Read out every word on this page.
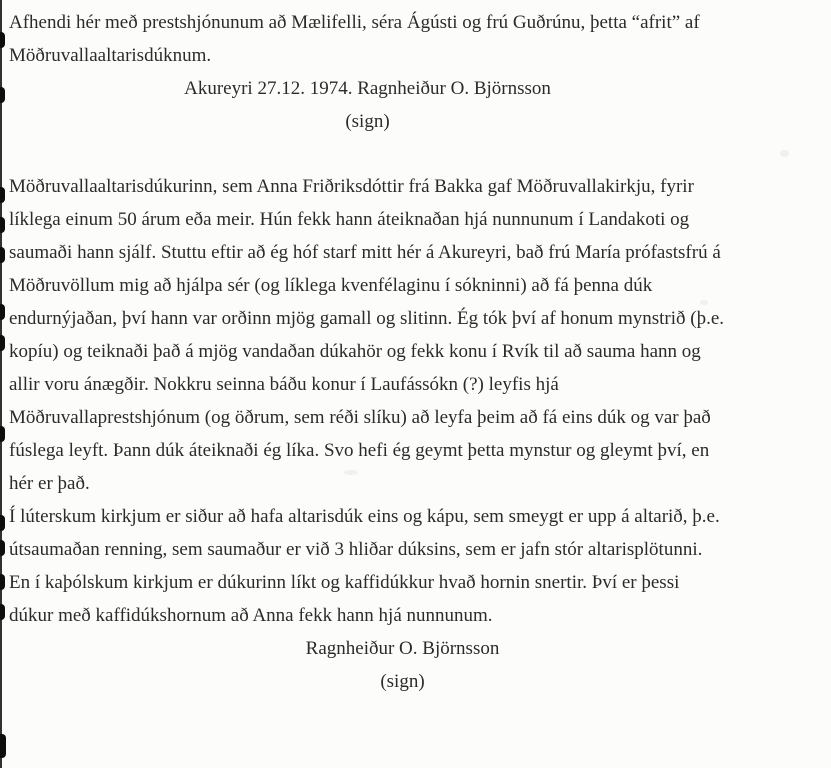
Afhendi hér með prestshjónunum að Mælifelli, séra Ágústi og frú Guðrúnu, þetta “afrit” af
Möðruvallaaltarisdúknum.
Akureyri 27.12. 1974. Ragnheiður O. Björnsson
(sign)
Möðruvallaaltarisdúkurinn, sem Anna Friðriksdóttir frá Bakka gaf Möðruvallakirkju, fyrir
líklega einum 50 árum eða meir. Hún fekk hann áteiknaðan hjá nunnunum í Landakoti og
saumaði hann sjálf. Stuttu eftir að ég hóf starf mitt hér á Akureyri, bað frú María prófastsfrú á
Möðruvöllum mig að hjálpa sér (og líklega kvenfélaginu í sókninni) að fá þenna dúk
endurnýjaðan, því hann var orðinn mjög gamall og slitinn. Ég tók því af honum mynstrið (þ.e.
kopíu) og teiknaði það á mjög vandaðan dúkahör og fekk konu í Rvík til að sauma hann og
allir voru ánægðir. Nokkru seinna báðu konur í Laufássókn (?) leyfis hjá
Möðruvallaprestshjónum (og öðrum, sem réði slíku) að leyfa þeim að fá eins dúk og var það
fúslega leyft. Þann dúk áteiknaði ég líka. Svo hefi ég geymt þetta mynstur og gleymt því, en
hér er það.
Í lúterskum kirkjum er siður að hafa altarisdúk eins og kápu, sem smeygt er upp á altarið, þ.e.
útsaumaðan renning, sem saumaður er við 3 hliðar dúksins, sem er jafn stór altarisplötunni.
En í kaþólskum kirkjum er dúkurinn líkt og kaffidúkkur hvað hornin snertir. Því er þessi
dúkur með kaffidúkshornum að Anna fekk hann hjá nunnunum.
Ragnheiður O. Björnsson
(sign)
